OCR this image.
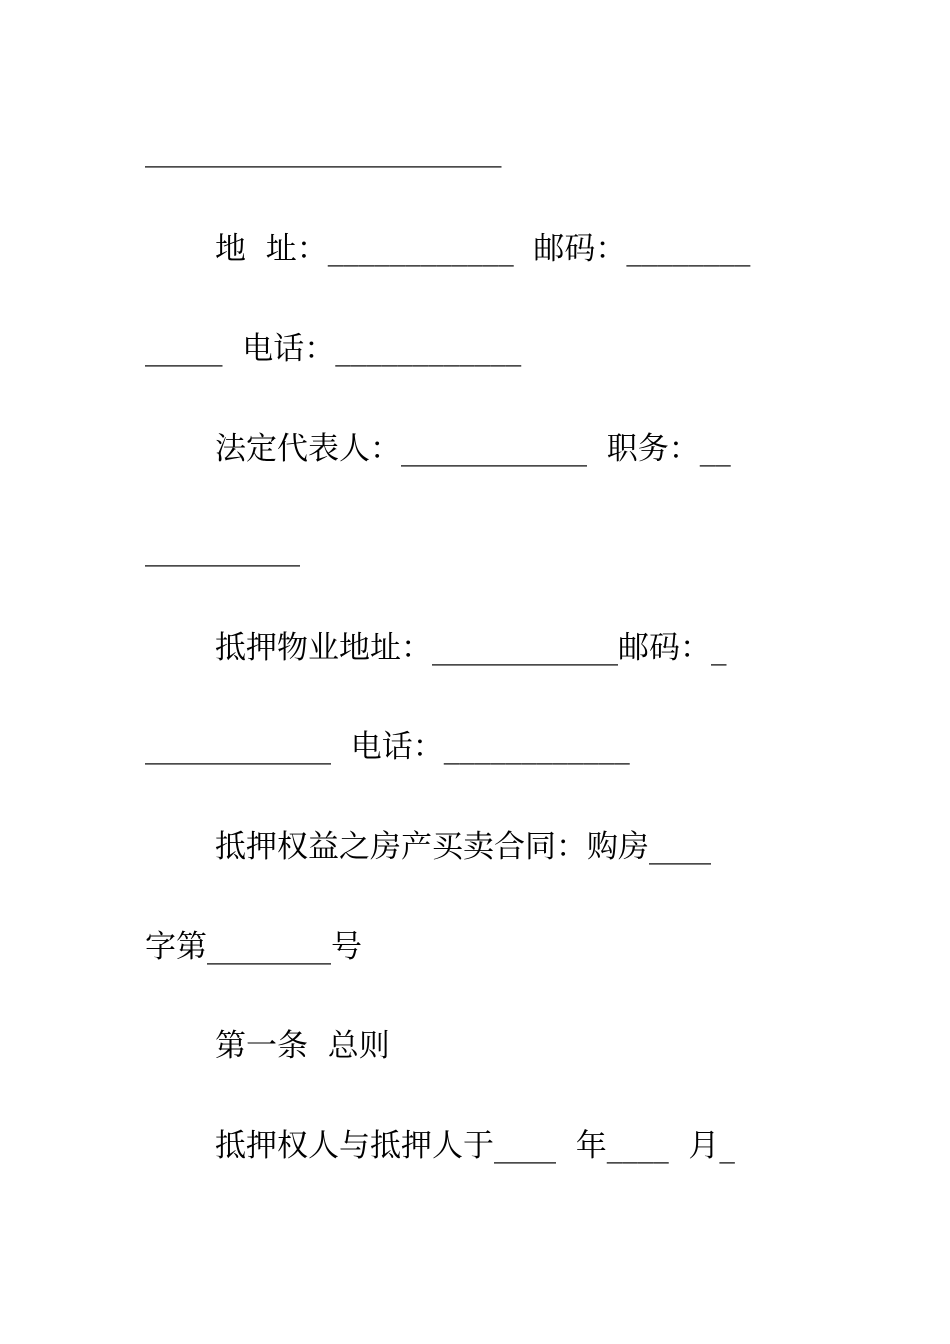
_______________________
地  址：____________  邮码：________
_____  电话：____________
法定代表人：____________  职务：__
__________
抵押物业地址：____________邮码：_
____________  电话：____________
抵押权益之房产买卖合同：购房____
字第________号
第一条  总则
抵押权人与抵押人于____  年____  月_
